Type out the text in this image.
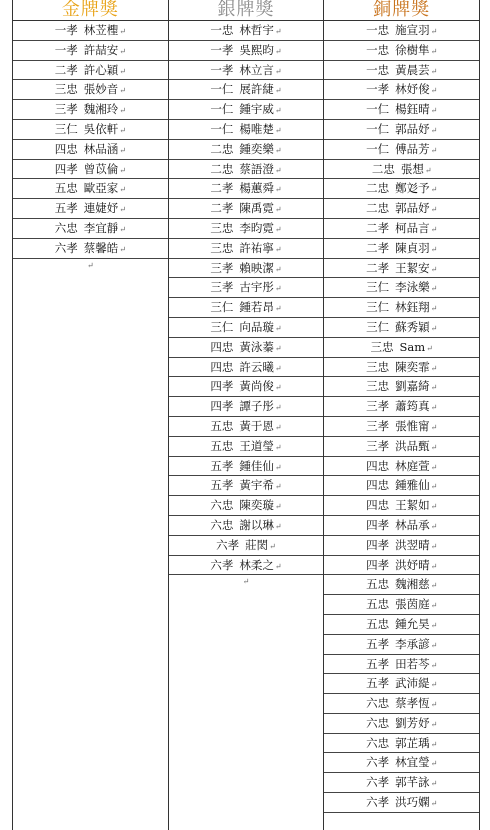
金牌獎
一孝 林苙檉↵
一孝 許喆安↵
二孝 許心穎↵
三忠 張妙音↵
三孝 魏湘玲↵
三仁 吳依軒↵
四忠 林品涵↵
四孝 曾苡倫↵
五忠 歐亞家↵
五孝 連婕妤↵
六忠 李宜靜↵
六孝 蔡馨皓↵
↵
銀牌獎
一忠 林哲宇↵
一孝 吳熙昀↵
一孝 林立言↵
一仁 展許緁↵
一仁 鍾宇威↵
一仁 楊唯楚↵
二忠 鍾奕樂↵
二忠 蔡語澄↵
二孝 楊蕙舜↵
二孝 陳禹霓↵
三忠 李昀霓↵
三忠 許祐寧↵
三孝 賴映潔↵
三孝 古宇彤↵
三仁 鍾若昂↵
三仁 向品璇↵
四忠 黃泳蓁↵
四忠 許云曦↵
四孝 黃尚俊↵
四孝 譚子彤↵
五忠 黃于恩↵
五忠 王道瑩↵
五孝 鍾佳仙↵
五孝 黃宇希↵
六忠 陳奕璇↵
六忠 謝以琳↵
六孝 莊閎↵
六孝 林柔之↵
↵
銅牌獎
一忠 施宣羽↵
一忠 徐樹隼↵
一忠 黃晨芸↵
一孝 林妤俊↵
一仁 楊鈺晴↵
一仁 郭品妤↵
一仁 傅品芳↵
二忠 張想↵
二忠 鄭彣予↵
二忠 郭品妤↵
二孝 柯品言↵
二孝 陳貞羽↵
二孝 王絜安↵
三仁 李泳樂↵
三仁 林鈺翔↵
三仁 蘇秀穎↵
三忠 Sam↵
三忠 陳奕霏↵
三忠 劉嘉綺↵
三孝 蕭筠真↵
三孝 張惟甯↵
三孝 洪品甄↵
四忠 林庭萱↵
四忠 鍾雅仙↵
四忠 王絜如↵
四孝 林品承↵
四孝 洪翌晴↵
四孝 洪妤晴↵
五忠 魏湘慈↵
五忠 張茵庭↵
五忠 鍾允昊↵
五孝 李承諺↵
五孝 田若芩↵
五孝 武沛緹↵
六忠 蔡孝恆↵
六忠 劉芳妤↵
六忠 郭芷瑀↵
六孝 林宜瑩↵
六孝 郭芊詠↵
六孝 洪巧嫻↵
